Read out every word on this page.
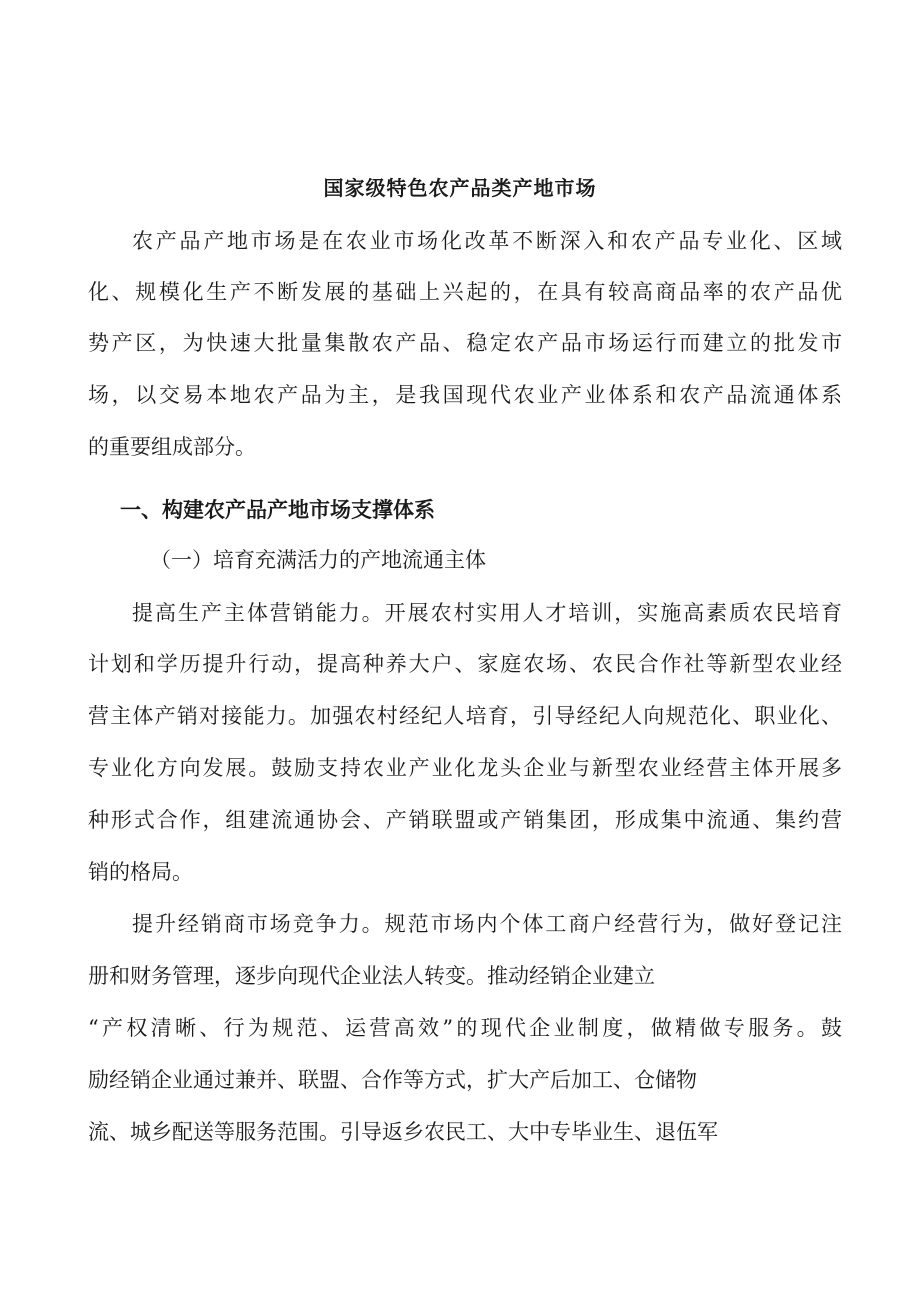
国家级特色农产品类产地市场
农产品产地市场是在农业市场化改革不断深入和农产品专业化、区域
化、规模化生产不断发展的基础上兴起的，在具有较高商品率的农产品优
势产区，为快速大批量集散农产品、稳定农产品市场运行而建立的批发市
场，以交易本地农产品为主，是我国现代农业产业体系和农产品流通体系
的重要组成部分。
一、构建农产品产地市场支撑体系
（一）培育充满活力的产地流通主体
提高生产主体营销能力。开展农村实用人才培训，实施高素质农民培育
计划和学历提升行动，提高种养大户、家庭农场、农民合作社等新型农业经
营主体产销对接能力。加强农村经纪人培育，引导经纪人向规范化、职业化、
专业化方向发展。鼓励支持农业产业化龙头企业与新型农业经营主体开展多
种形式合作，组建流通协会、产销联盟或产销集团，形成集中流通、集约营
销的格局。
提升经销商市场竞争力。规范市场内个体工商户经营行为，做好登记注
册和财务管理，逐步向现代企业法人转变。推动经销企业建立
“产权清晰、行为规范、运营高效”的现代企业制度，做精做专服务。鼓
励经销企业通过兼并、联盟、合作等方式，扩大产后加工、仓储物
流、城乡配送等服务范围。引导返乡农民工、大中专毕业生、退伍军
